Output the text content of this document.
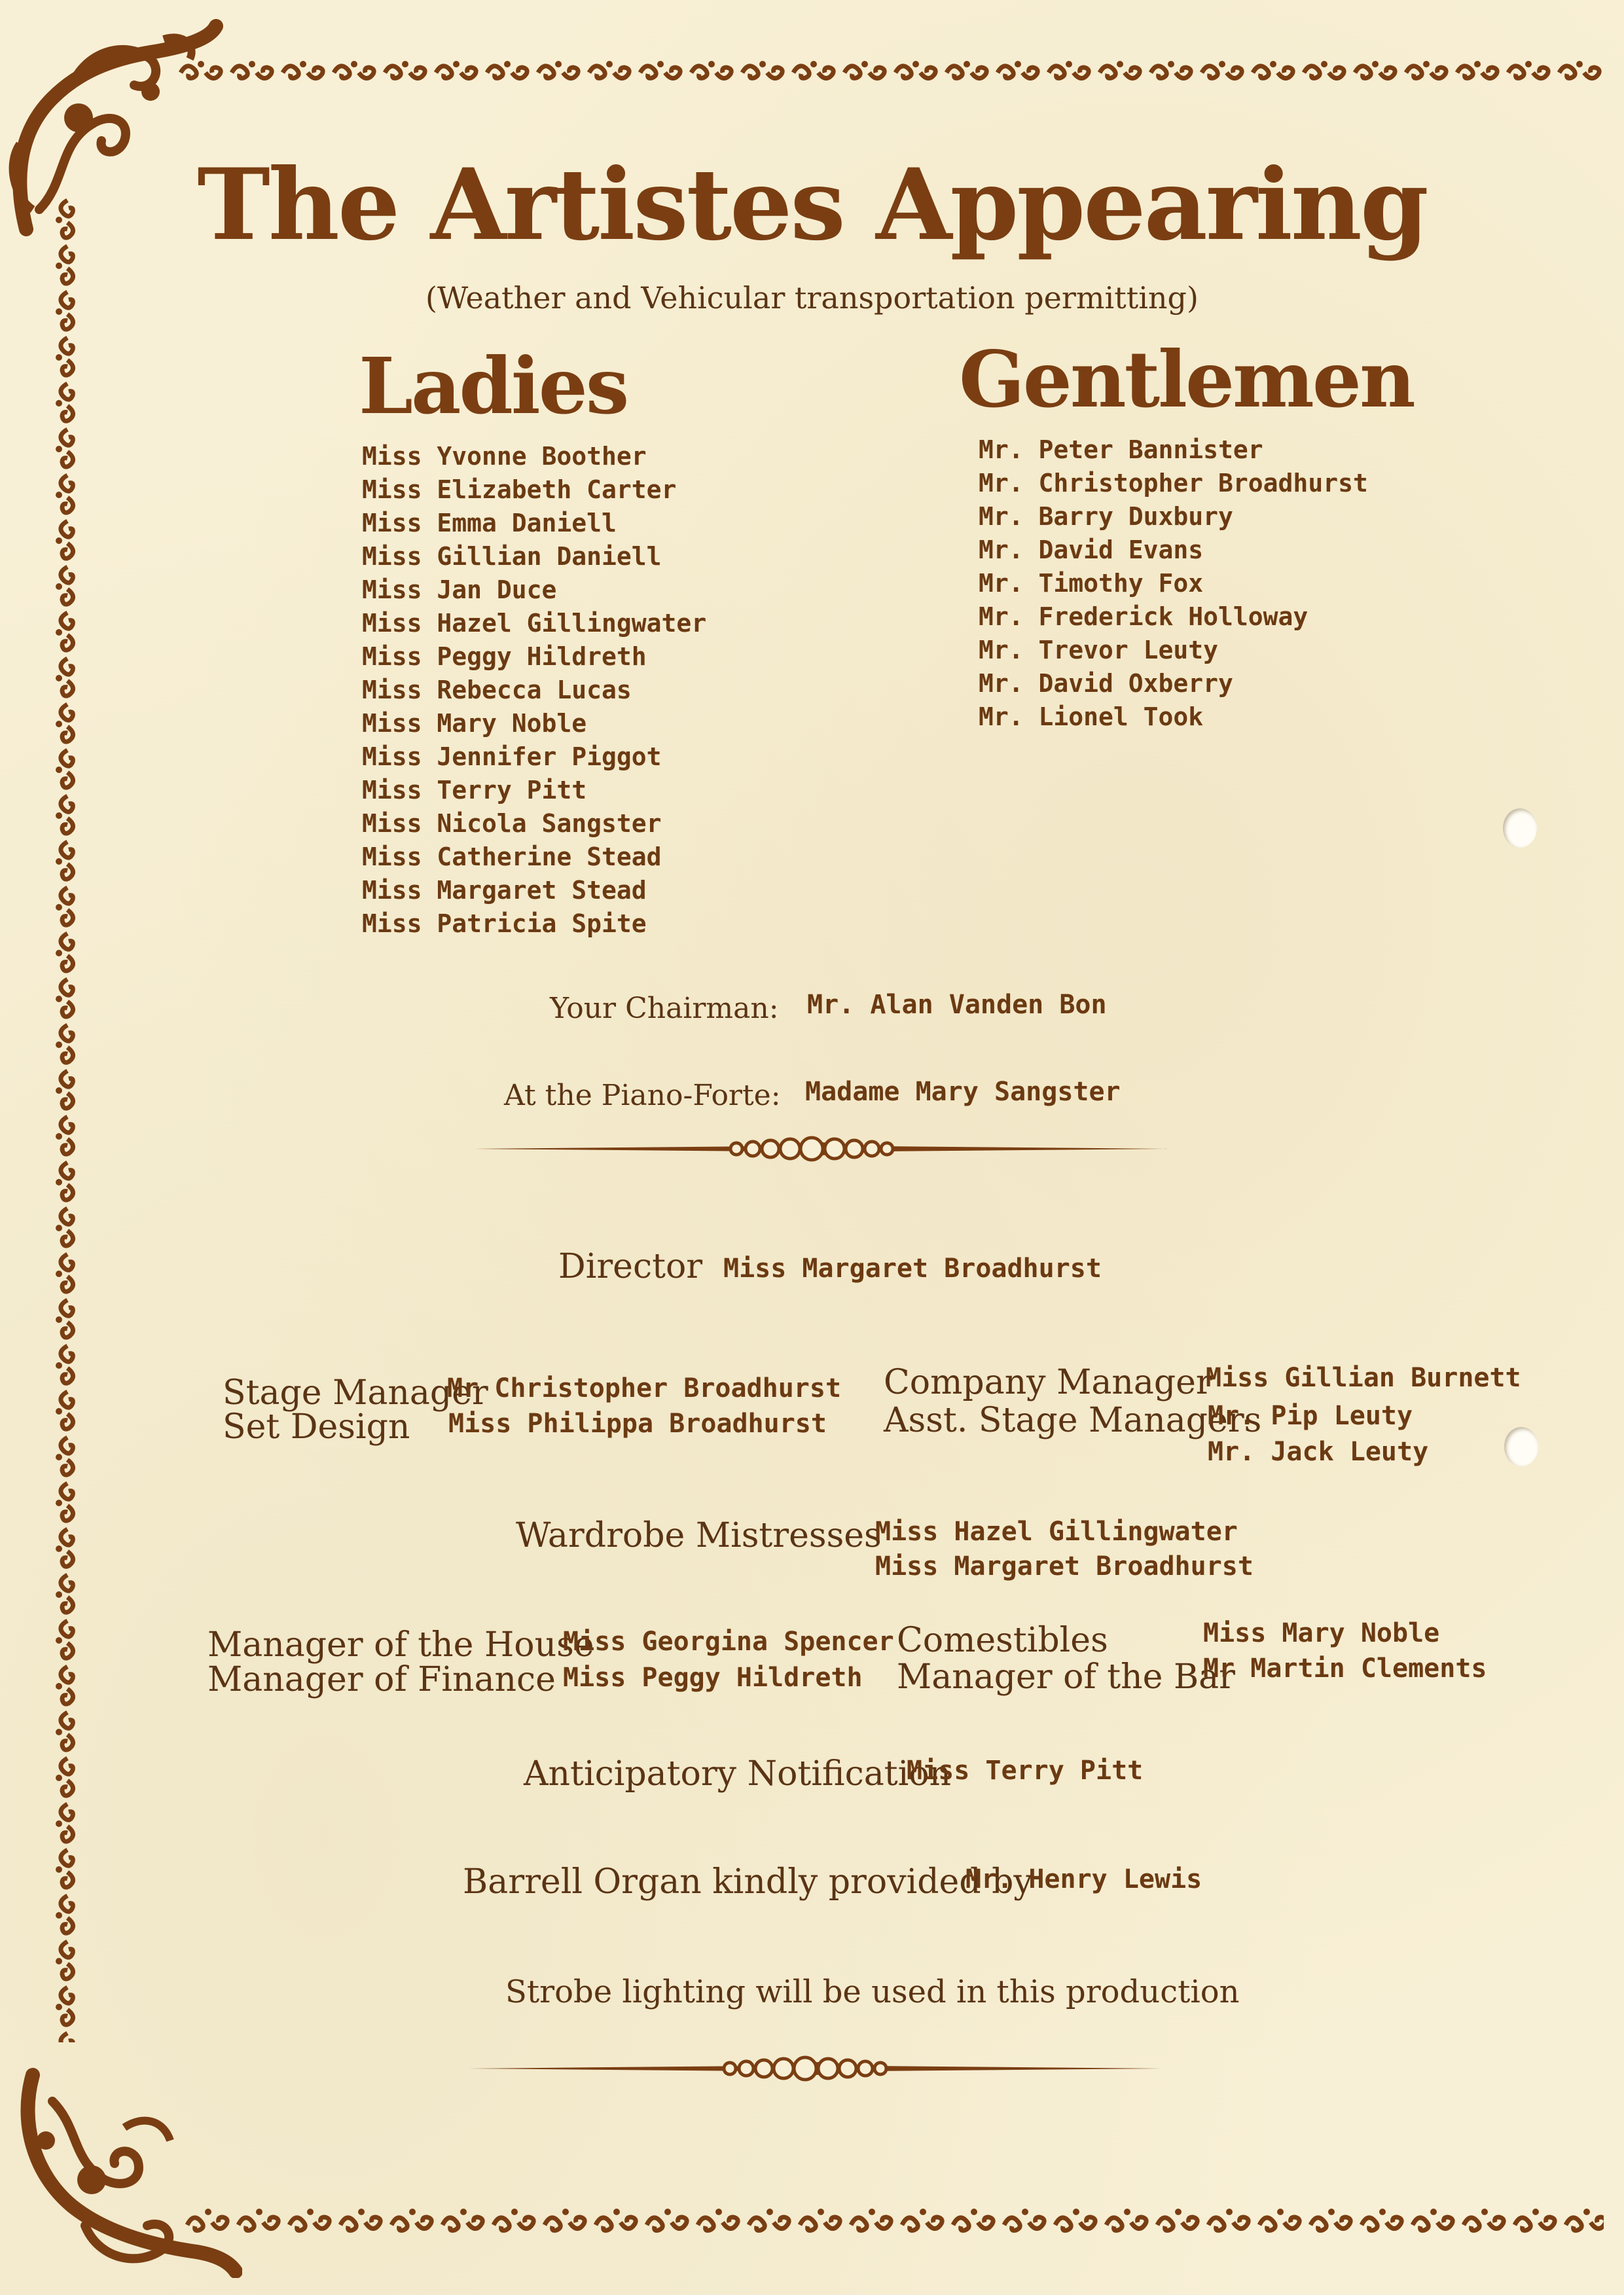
The Artistes Appearing
(Weather and Vehicular transportation permitting)
Ladies
Miss Yvonne Boother
Miss Elizabeth Carter
Miss Emma Daniell
Miss Gillian Daniell
Miss Jan Duce
Miss Hazel Gillingwater
Miss Peggy Hildreth
Miss Rebecca Lucas
Miss Mary Noble
Miss Jennifer Piggot
Miss Terry Pitt
Miss Nicola Sangster
Miss Catherine Stead
Miss Margaret Stead
Miss Patricia Spite
Gentlemen
Mr. Peter Bannister
Mr. Christopher Broadhurst
Mr. Barry Duxbury
Mr. David Evans
Mr. Timothy Fox
Mr. Frederick Holloway
Mr. Trevor Leuty
Mr. David Oxberry
Mr. Lionel Took
Your Chairman: Mr. Alan Vanden Bon
At the Piano-Forte: Madame Mary Sangster
Director Miss Margaret Broadhurst
Stage Manager
Mr Christopher Broadhurst
Set Design Miss Philippa Broadhurst
Company Manager
Miss Gillian Burnett
Asst. Stage Managers
Mr. Pip Leuty
Mr. Jack Leuty
Wardrobe Mistresses
Miss Hazel Gillingwater
Miss Margaret Broadhurst
Manager of the House
Miss Georgina Spencer
Manager of Finance Miss Peggy Hildreth
Comestibles	Miss Mary Noble
Manager of the Bar
Mr Martin Clements
Anticipatory Notification
Miss Terry Pitt
Barrell Organ kindly provided by
Mr. Henry Lewis
Strobe lighting will be used in this production
